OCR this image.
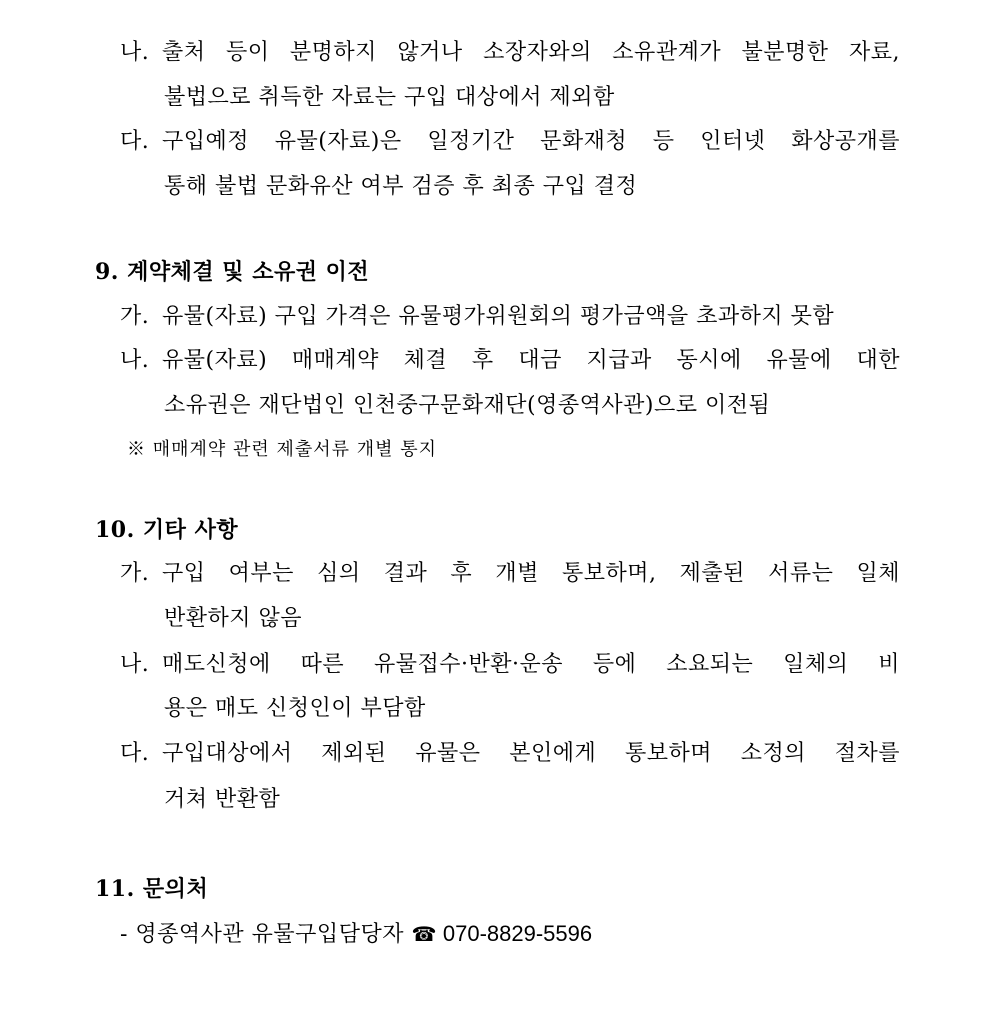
나. 출처 등이 분명하지 않거나 소장자와의 소유관계가 불분명한 자료,
불법으로 취득한 자료는 구입 대상에서 제외함
다. 구입예정 유물(자료)은 일정기간 문화재청 등 인터넷 화상공개를
통해 불법 문화유산 여부 검증 후 최종 구입 결정
9. 계약체결 및 소유권 이전
가. 유물(자료) 구입 가격은 유물평가위원회의 평가금액을 초과하지 못함
나. 유물(자료) 매매계약 체결 후 대금 지급과 동시에 유물에 대한
소유권은 재단법인 인천중구문화재단(영종역사관)으로 이전됨
※ 매매계약 관련 제출서류 개별 통지
10. 기타 사항
가. 구입 여부는 심의 결과 후 개별 통보하며, 제출된 서류는 일체
반환하지 않음
나. 매도신청에 따른 유물접수·반환·운송 등에 소요되는 일체의 비
용은 매도 신청인이 부담함
다. 구입대상에서 제외된 유물은 본인에게 통보하며 소정의 절차를
거쳐 반환함
11. 문의처
- 영종역사관 유물구입담당자 ☎ 070-8829-5596
